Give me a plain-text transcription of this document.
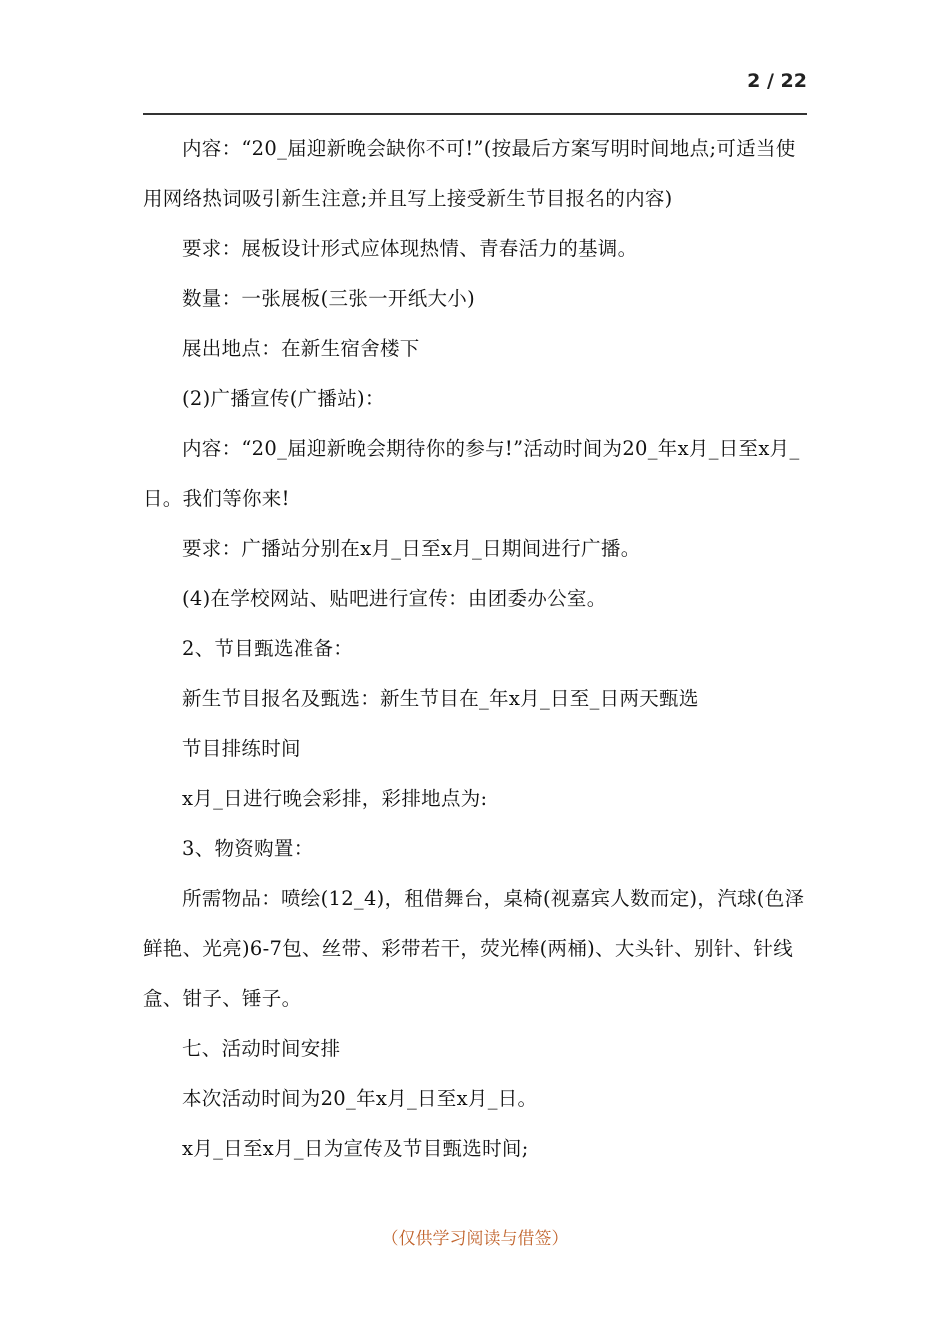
2 / 22

内容：“20_届迎新晚会缺你不可!”(按最后方案写明时间地点;可适当使用网络热词吸引新生注意;并且写上接受新生节目报名的内容)

要求：展板设计形式应体现热情、青春活力的基调。

数量：一张展板(三张一开纸大小)

展出地点：在新生宿舍楼下

(2)广播宣传(广播站)：

内容：“20_届迎新晚会期待你的参与!”活动时间为20_年x月_日至x月_日。我们等你来!

要求：广播站分别在x月_日至x月_日期间进行广播。

(4)在学校网站、贴吧进行宣传：由团委办公室。

2、节目甄选准备：

新生节目报名及甄选：新生节目在_年x月_日至_日两天甄选

节目排练时间

x月_日进行晚会彩排，彩排地点为:

3、物资购置：

所需物品：喷绘(12_4)，租借舞台，桌椅(视嘉宾人数而定)，汽球(色泽鲜艳、光亮)6-7包、丝带、彩带若干，荧光棒(两桶)、大头针、别针、针线盒、钳子、锤子。

七、活动时间安排

本次活动时间为20_年x月_日至x月_日。

x月_日至x月_日为宣传及节目甄选时间;

（仅供学习阅读与借签）
